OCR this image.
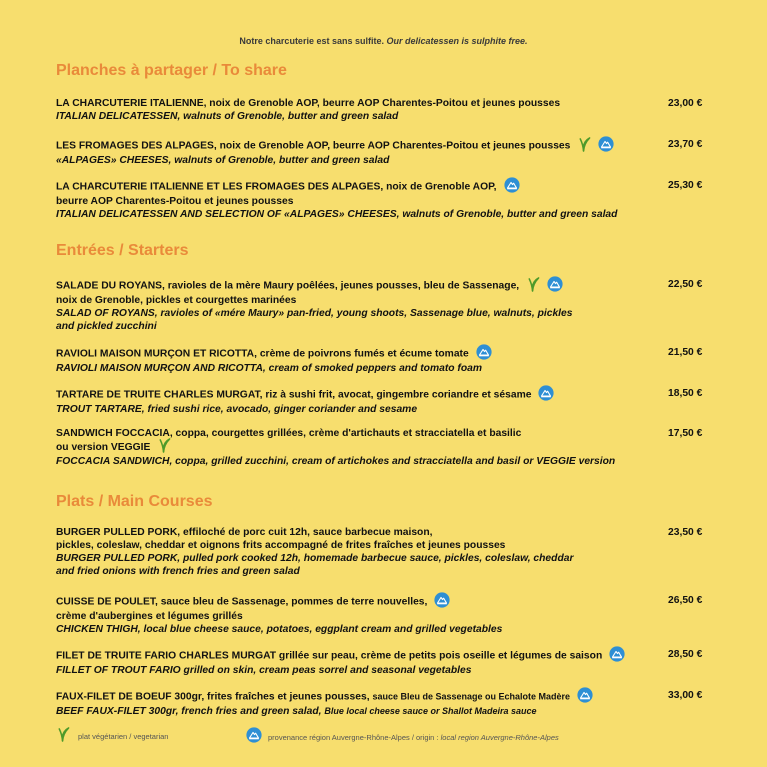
Notre charcuterie est sans sulfite. Our delicatessen is sulphite free.
Planches à partager / To share
LA CHARCUTERIE ITALIENNE, noix de Grenoble AOP, beurre AOP Charentes-Poitou et jeunes pousses
ITALIAN DELICATESSEN, walnuts of Grenoble, butter and green salad
23,00 €
LES FROMAGES DES ALPAGES, noix de Grenoble AOP, beurre AOP Charentes-Poitou et jeunes pousses
«ALPAGES» CHEESES, walnuts of Grenoble, butter and green salad
23,70 €
LA CHARCUTERIE ITALIENNE ET LES FROMAGES DES ALPAGES, noix de Grenoble AOP,
beurre AOP Charentes-Poitou et jeunes pousses
ITALIAN DELICATESSEN AND SELECTION OF «ALPAGES» CHEESES, walnuts of Grenoble, butter and green salad
25,30 €
Entrées / Starters
SALADE DU ROYANS, ravioles de la mère Maury poêlées, jeunes pousses, bleu de Sassenage,
noix de Grenoble, pickles et courgettes marinées
SALAD OF ROYANS, ravioles of «mére Maury» pan-fried, young shoots, Sassenage blue, walnuts, pickles
and pickled zucchini
22,50 €
RAVIOLI MAISON MURÇON ET RICOTTA, crème de poivrons fumés et écume tomate
RAVIOLI MAISON MURÇON AND RICOTTA, cream of smoked peppers and tomato foam
21,50 €
TARTARE DE TRUITE CHARLES MURGAT, riz à sushi frit, avocat, gingembre coriandre et sésame
TROUT TARTARE, fried sushi rice, avocado, ginger coriander and sesame
18,50 €
SANDWICH FOCCACIA, coppa, courgettes grillées, crème d'artichauts et stracciatella et basilic
ou version VEGGIE
FOCCACIA SANDWICH, coppa, grilled zucchini, cream of artichokes and stracciatella and basil or VEGGIE version
17,50 €
Plats / Main Courses
BURGER PULLED PORK, effiloché de porc cuit 12h, sauce barbecue maison,
pickles, coleslaw, cheddar et oignons frits accompagné de frites fraîches et jeunes pousses
BURGER PULLED PORK, pulled pork cooked 12h, homemade barbecue sauce, pickles, coleslaw, cheddar
and fried onions with french fries and green salad
23,50 €
CUISSE DE POULET, sauce bleu de Sassenage, pommes de terre nouvelles,
crème d'aubergines et légumes grillés
CHICKEN THIGH, local blue cheese sauce, potatoes, eggplant cream and grilled vegetables
26,50 €
FILET DE TRUITE FARIO CHARLES MURGAT grillée sur peau, crème de petits pois oseille et légumes de saison
FILLET OF TROUT FARIO grilled on skin, cream peas sorrel and seasonal vegetables
28,50 €
FAUX-FILET DE BOEUF 300gr, frites fraîches et jeunes pousses, sauce Bleu de Sassenage ou Echalote Madère
BEEF FAUX-FILET 300gr, french fries and green salad, Blue local cheese sauce or Shallot Madeira sauce
33,00 €
plat végétarien / vegetarian	provenance région Auvergne-Rhône-Alpes / origin : local region Auvergne-Rhône-Alpes
